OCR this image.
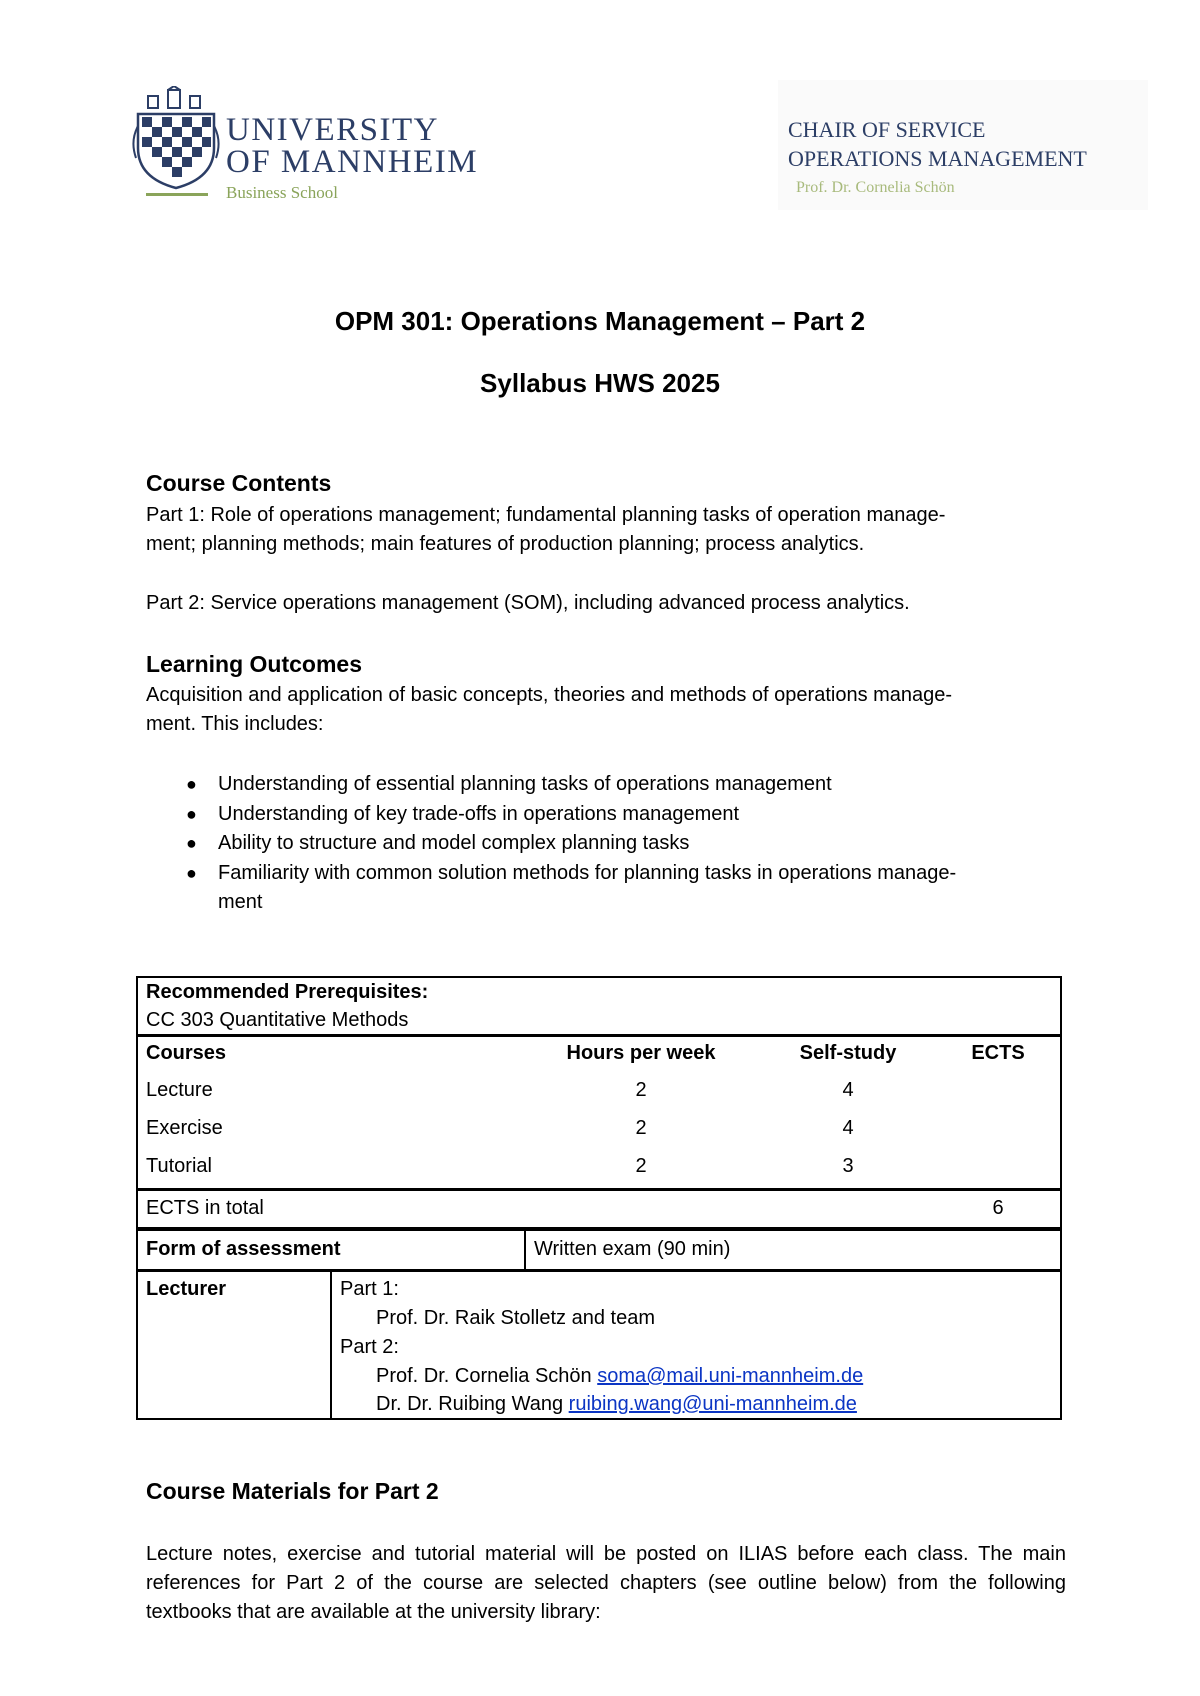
UNIVERSITY
OF MANNHEIM
Business School
CHAIR OF SERVICE
OPERATIONS MANAGEMENT
Prof. Dr. Cornelia Schön
OPM 301: Operations Management – Part 2
Syllabus HWS 2025
Course Contents
Part 1: Role of operations management; fundamental planning tasks of operation manage-
ment; planning methods; main features of production planning; process analytics.
Part 2: Service operations management (SOM), including advanced process analytics.
Learning Outcomes
Acquisition and application of basic concepts, theories and methods of operations manage-
ment. This includes:
● Understanding of essential planning tasks of operations management
● Understanding of key trade-offs in operations management
● Ability to structure and model complex planning tasks
● Familiarity with common solution methods for planning tasks in operations manage-
ment
Recommended Prerequisites:
CC 303 Quantitative Methods
Courses	Hours per week	Self-study	ECTS
Lecture	2	4
Exercise	2	4
Tutorial	2	3
ECTS in total	6
Form of assessment	Written exam (90 min)
Lecturer	Part 1:
Prof. Dr. Raik Stolletz and team
Part 2:
Prof. Dr. Cornelia Schön soma@mail.uni-mannheim.de
Dr. Dr. Ruibing Wang ruibing.wang@uni-mannheim.de
Course Materials for Part 2
Lecture notes, exercise and tutorial material will be posted on ILIAS before each class. The main references for Part 2 of the course are selected chapters (see outline below) from the following textbooks that are available at the university library:
